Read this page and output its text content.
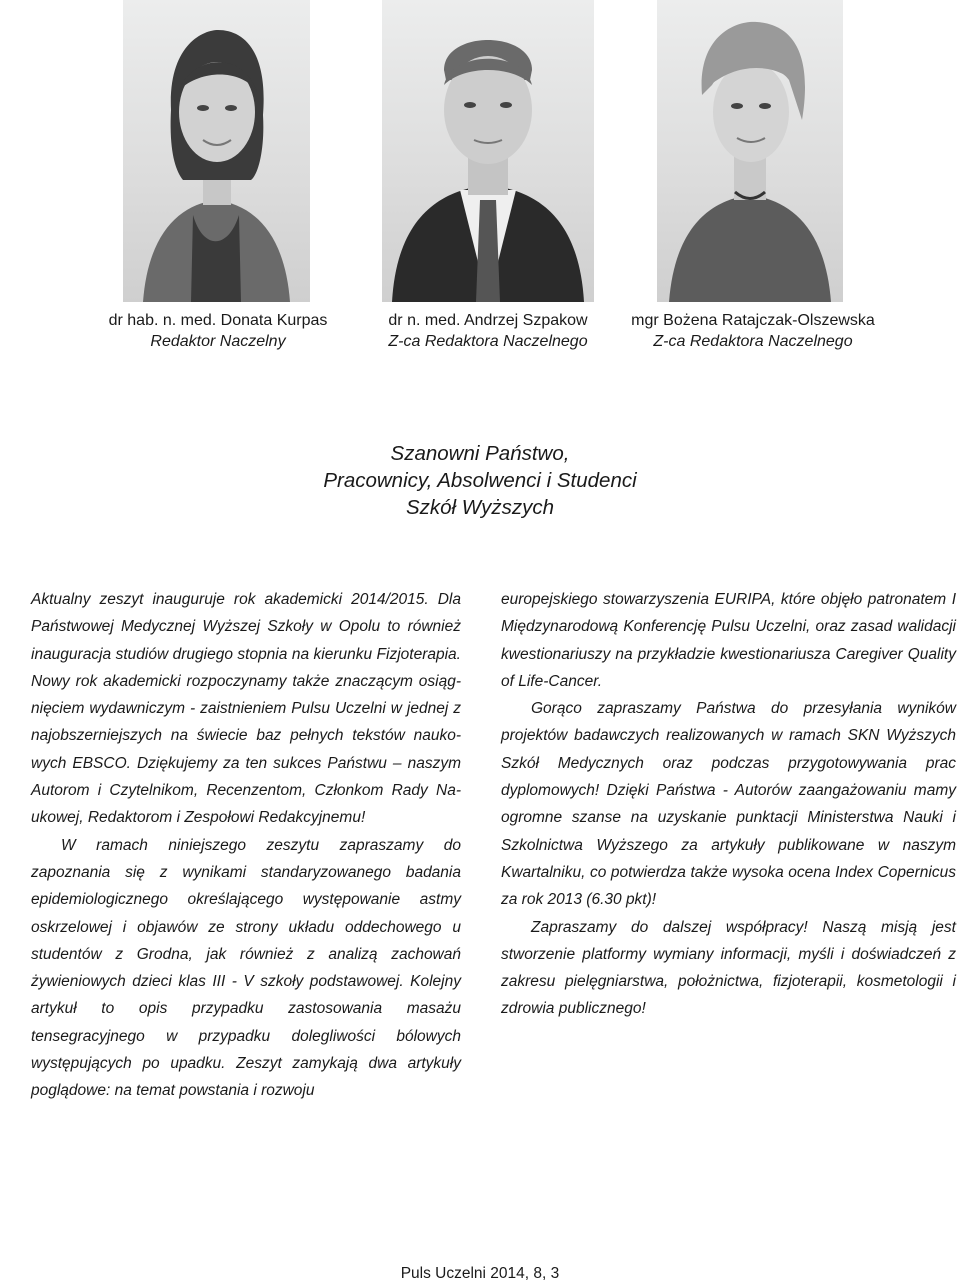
dr hab. n. med. Donata Kurpas
Redaktor Naczelny
dr n. med. Andrzej Szpakow
Z-ca Redaktora Naczelnego
mgr Bożena Ratajczak-Olszewska
Z-ca Redaktora Naczelnego
Szanowni Państwo,
Pracownicy, Absolwenci i Studenci
Szkół Wyższych

Aktualny zeszyt inauguruje rok akademicki 2014/2015. Dla Państwowej Medycznej Wyższej Szkoły w Opolu to również inauguracja studiów drugiego stopnia na kierunku Fizjoterapia. Nowy rok akademicki rozpoczynamy także znaczącym osiągnięciem wydawniczym - zaistnieniem Pulsu Uczelni w jednej z najobszerniejszych na świecie baz pełnych tekstów naukowych EBSCO. Dziękujemy za ten sukces Państwu – naszym Autorom i Czytelnikom, Recenzentom, Członkom Rady Naukowej, Redaktorom i Zespołowi Redakcyjnemu!

W ramach niniejszego zeszytu zapraszamy do zapoznania się z wynikami standaryzowanego badania epidemiologicznego określającego występowanie astmy oskrzelowej i objawów ze strony układu oddechowego u studentów z Grodna, jak również z analizą zachowań żywieniowych dzieci klas III - V szkoły podstawowej. Kolejny artykuł to opis przypadku zastosowania masażu tensegracyjnego w przypadku dolegliwości bólowych występujących po upadku. Zeszyt zamykają dwa artykuły poglądowe: na temat powstania i rozwoju

europejskiego stowarzyszenia EURIPA, które objęło patronatem I Międzynarodową Konferencję Pulsu Uczelni, oraz zasad walidacji kwestionariuszy na przykładzie kwestionariusza Caregiver Quality of Life-Cancer.

Gorąco zapraszamy Państwa do przesyłania wyników projektów badawczych realizowanych w ramach SKN Wyższych Szkół Medycznych oraz podczas przygotowywania prac dyplomowych! Dzięki Państwa - Autorów zaangażowaniu mamy ogromne szanse na uzyskanie punktacji Ministerstwa Nauki i Szkolnictwa Wyższego za artykuły publikowane w naszym Kwartalniku, co potwierdza także wysoka ocena Index Copernicus za rok 2013 (6.30 pkt)!

Zapraszamy do dalszej współpracy! Naszą misją jest stworzenie platformy wymiany informacji, myśli i doświadczeń z zakresu pielęgniarstwa, położnictwa, fizjoterapii, kosmetologii i zdrowia publicznego!

Puls Uczelni 2014, 8, 3
